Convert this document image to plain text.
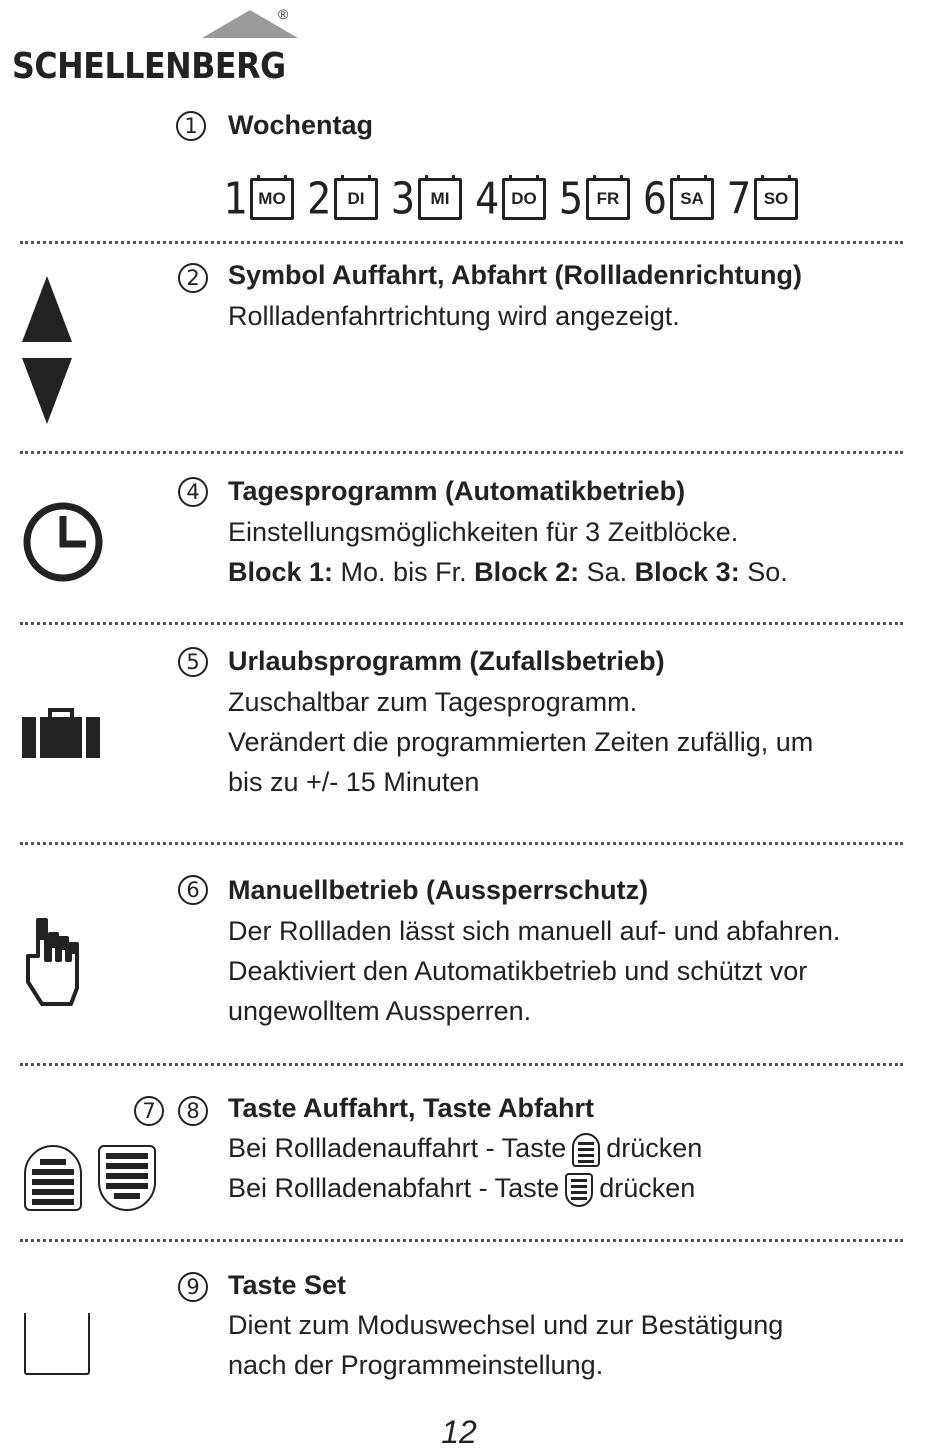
®
SCHELLENBERG
1	Wochentag
1 MO 2 DI 3 MI 4 DO 5 FR 6 SA 7 SO
2	Symbol Auffahrt, Abfahrt (Rollladenrichtung)
Rollladenfahrtrichtung wird angezeigt.
4	Tagesprogramm (Automatikbetrieb)
Einstellungsmöglichkeiten für 3 Zeitblöcke.
Block 1: Mo. bis Fr. Block 2: Sa. Block 3: So.
5	Urlaubsprogramm (Zufallsbetrieb)
Zuschaltbar zum Tagesprogramm.
Verändert die programmierten Zeiten zufällig, um
bis zu +/- 15 Minuten
6	Manuellbetrieb (Aussperrschutz)
Der Rollladen lässt sich manuell auf- und abfahren.
Deaktiviert den Automatikbetrieb und schützt vor
ungewolltem Aussperren.
7	8	Taste Auffahrt, Taste Abfahrt
Bei Rollladenauffahrt - Taste drücken
Bei Rollladenabfahrt - Taste drücken
9	Taste Set
Dient zum Moduswechsel und zur Bestätigung
nach der Programmeinstellung.
12
